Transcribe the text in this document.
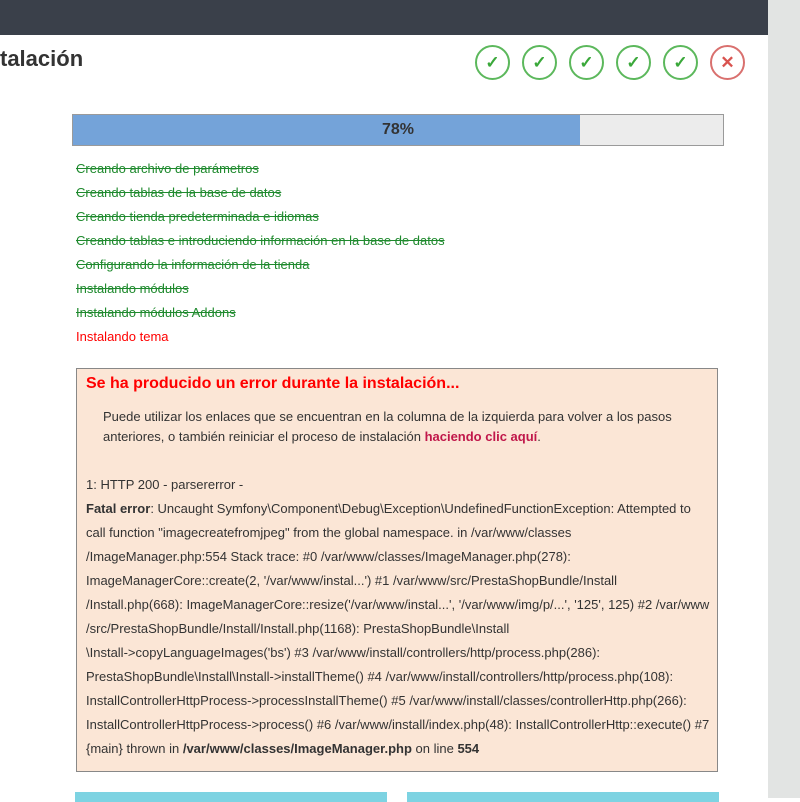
talación	✓	✓	✓	✓	✓	✕
78%
Creando archivo de parámetros
Creando tablas de la base de datos
Creando tienda predeterminada e idiomas
Creando tablas e introduciendo información en la base de datos
Configurando la información de la tienda
Instalando módulos
Instalando módulos Addons
Instalando tema
Se ha producido un error durante la instalación...

Puede utilizar los enlaces que se encuentran en la columna de la izquierda para volver a los pasos anteriores, o también reiniciar el proceso de instalación haciendo clic aquí.

1: HTTP 200 - parsererror -
Fatal error: Uncaught Symfony\Component\Debug\Exception\UndefinedFunctionException: Attempted to
call function "imagecreatefromjpeg" from the global namespace. in /var/www/classes
/ImageManager.php:554 Stack trace: #0 /var/www/classes/ImageManager.php(278):
ImageManagerCore::create(2, '/var/www/instal...') #1 /var/www/src/PrestaShopBundle/Install
/Install.php(668): ImageManagerCore::resize('/var/www/instal...', '/var/www/img/p/...', '125', 125) #2 /var/www
/src/PrestaShopBundle/Install/Install.php(1168): PrestaShopBundle\Install
\Install->copyLanguageImages('bs') #3 /var/www/install/controllers/http/process.php(286):
PrestaShopBundle\Install\Install->installTheme() #4 /var/www/install/controllers/http/process.php(108):
InstallControllerHttpProcess->processInstallTheme() #5 /var/www/install/classes/controllerHttp.php(266):
InstallControllerHttpProcess->process() #6 /var/www/install/index.php(48): InstallControllerHttp::execute() #7
{main} thrown in /var/www/classes/ImageManager.php on line 554
